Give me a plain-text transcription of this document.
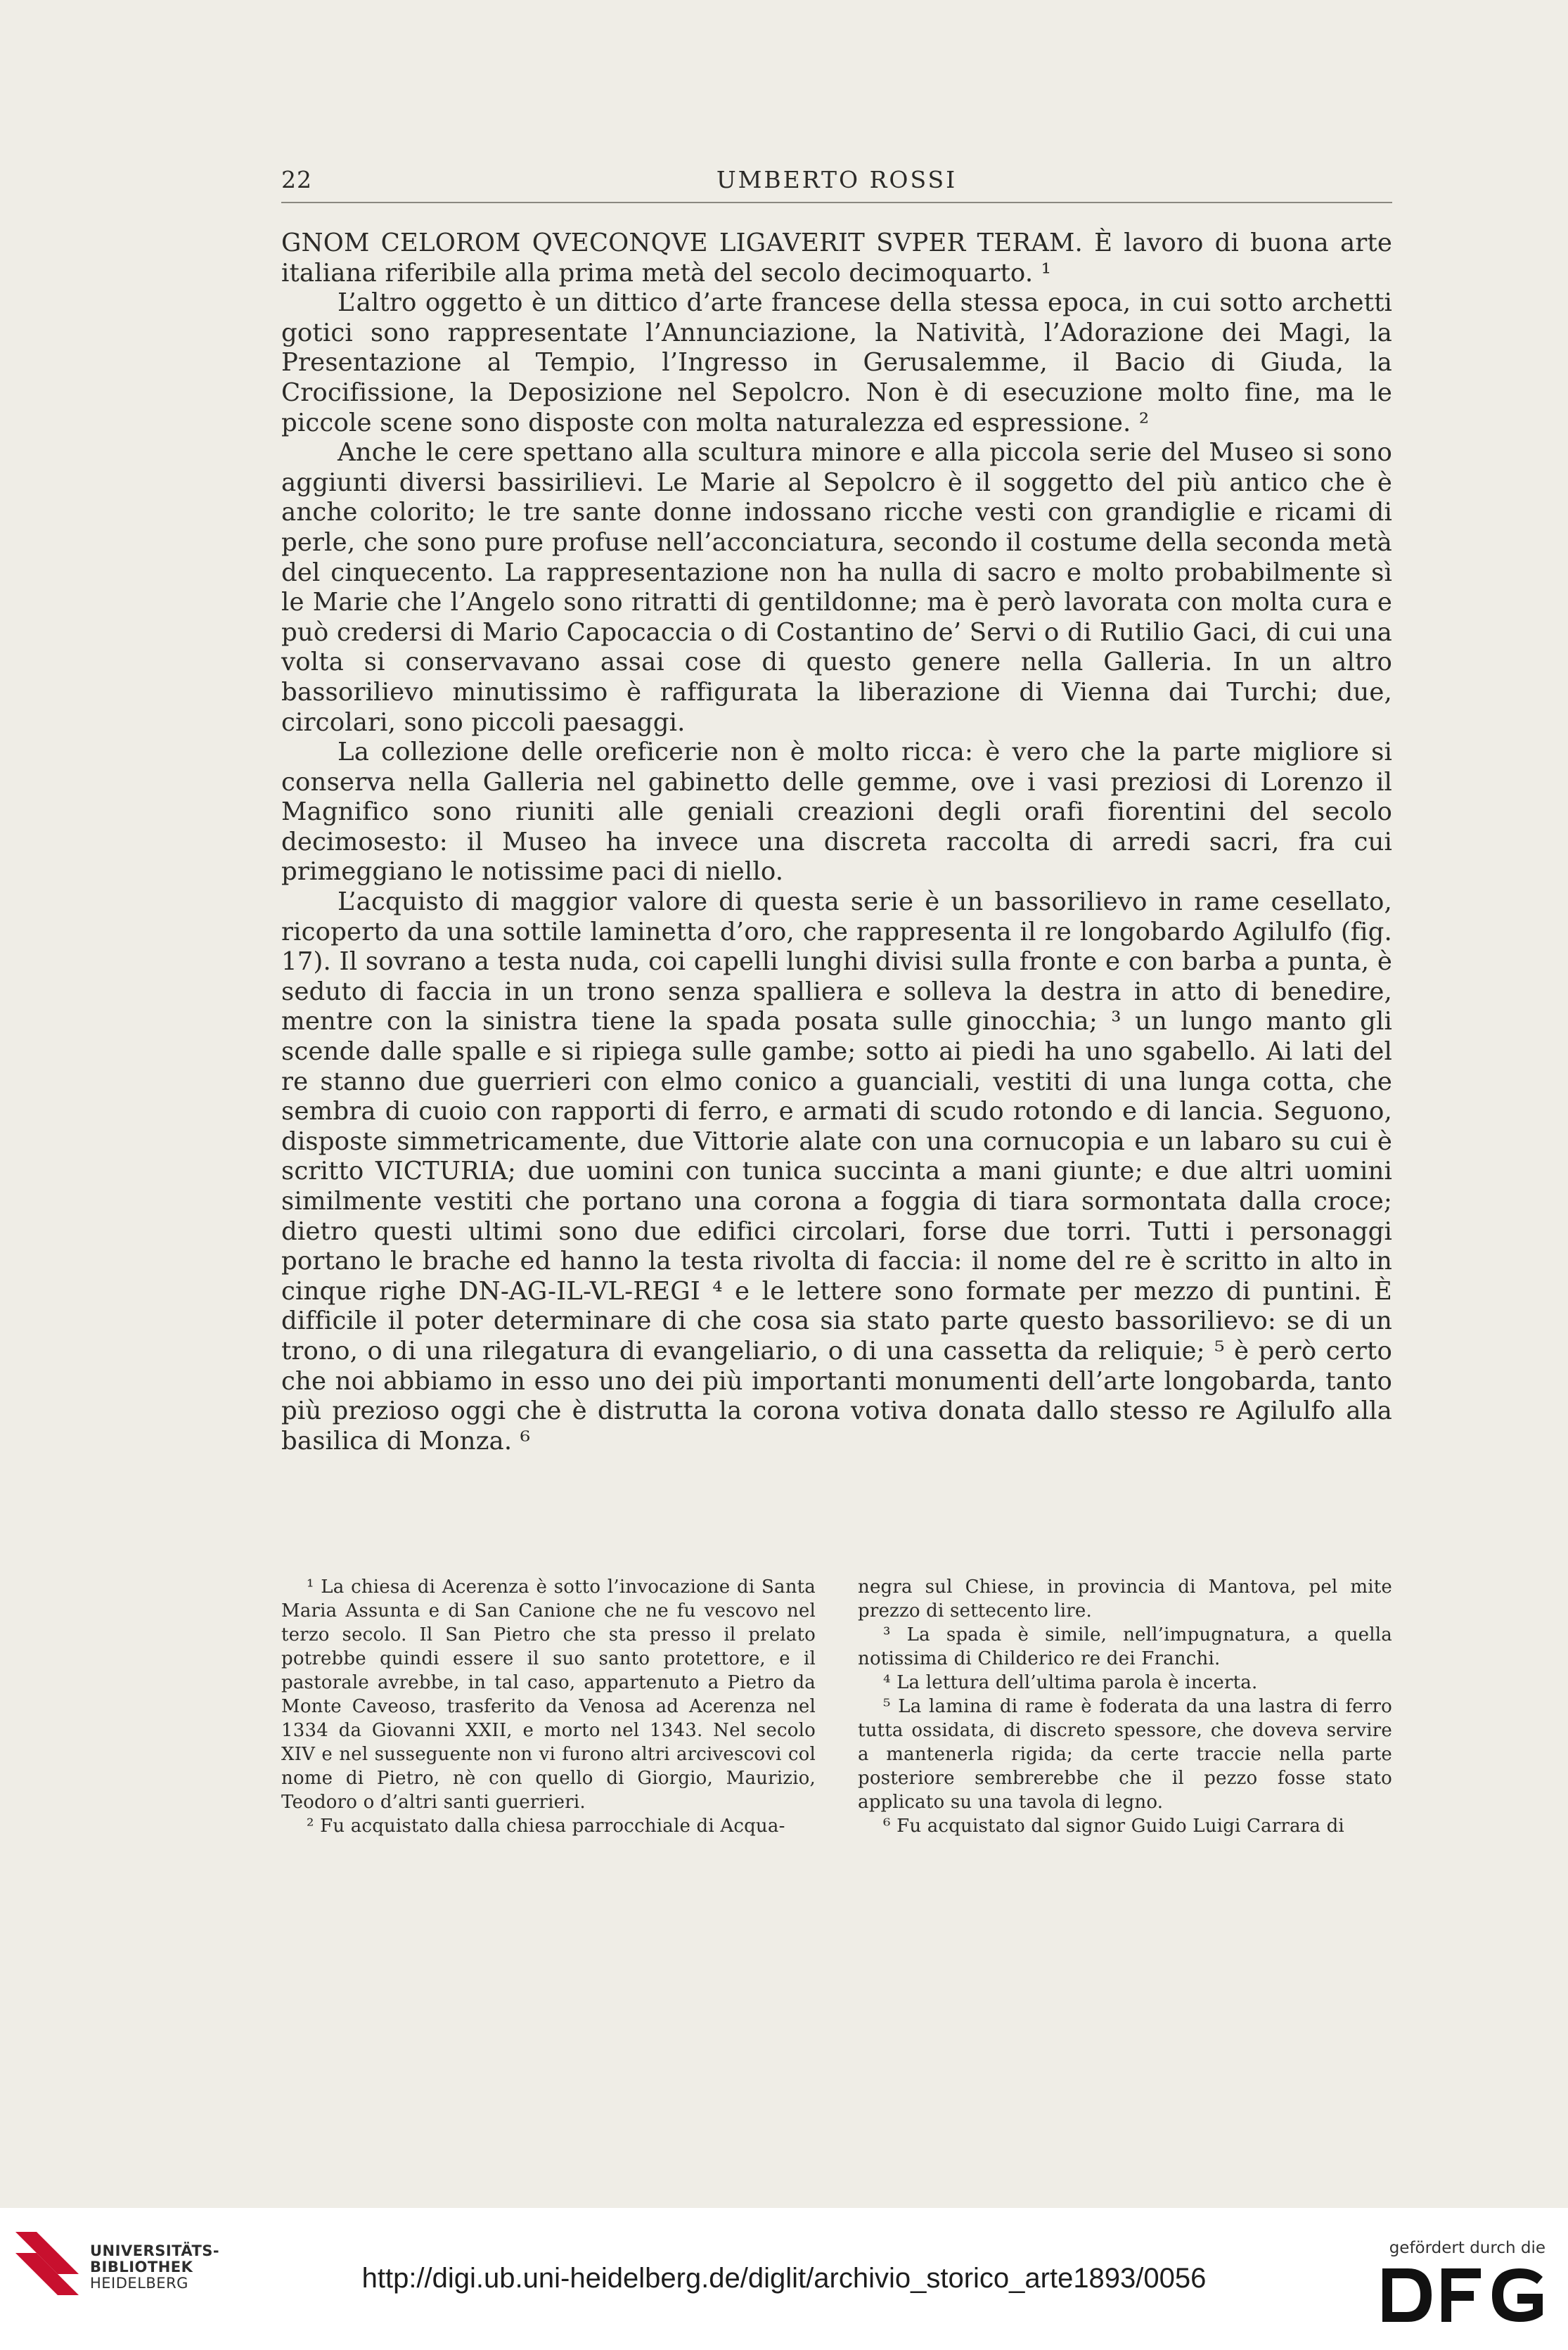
22	UMBERTO ROSSI

GNOM CELOROM QVECONQVE LIGAVERIT SVPER TERAM. È lavoro di buona arte italiana riferibile alla prima metà del secolo decimoquarto. ¹

L’altro oggetto è un dittico d’arte francese della stessa epoca, in cui sotto archetti gotici sono rappresentate l’Annunciazione, la Natività, l’Adorazione dei Magi, la Presentazione al Tempio, l’Ingresso in Gerusalemme, il Bacio di Giuda, la Crocifissione, la Deposizione nel Sepolcro. Non è di esecuzione molto fine, ma le piccole scene sono disposte con molta naturalezza ed espressione. ²

Anche le cere spettano alla scultura minore e alla piccola serie del Museo si sono aggiunti diversi bassirilievi. Le Marie al Sepolcro è il soggetto del più antico che è anche colorito; le tre sante donne indossano ricche vesti con grandiglie e ricami di perle, che sono pure profuse nell’acconciatura, secondo il costume della seconda metà del cinquecento. La rappresentazione non ha nulla di sacro e molto probabilmente sì le Marie che l’Angelo sono ritratti di gentildonne; ma è però lavorata con molta cura e può credersi di Mario Capocaccia o di Costantino de’ Servi o di Rutilio Gaci, di cui una volta si conservavano assai cose di questo genere nella Galleria. In un altro bassorilievo minutissimo è raffigurata la liberazione di Vienna dai Turchi; due, circolari, sono piccoli paesaggi.

La collezione delle oreficerie non è molto ricca: è vero che la parte migliore si conserva nella Galleria nel gabinetto delle gemme, ove i vasi preziosi di Lorenzo il Magnifico sono riuniti alle geniali creazioni degli orafi fiorentini del secolo decimosesto: il Museo ha invece una discreta raccolta di arredi sacri, fra cui primeggiano le notissime paci di niello.

L’acquisto di maggior valore di questa serie è un bassorilievo in rame cesellato, ricoperto da una sottile laminetta d’oro, che rappresenta il re longobardo Agilulfo (fig. 17). Il sovrano a testa nuda, coi capelli lunghi divisi sulla fronte e con barba a punta, è seduto di faccia in un trono senza spalliera e solleva la destra in atto di benedire, mentre con la sinistra tiene la spada posata sulle ginocchia; ³ un lungo manto gli scende dalle spalle e si ripiega sulle gambe; sotto ai piedi ha uno sgabello. Ai lati del re stanno due guerrieri con elmo conico a guanciali, vestiti di una lunga cotta, che sembra di cuoio con rapporti di ferro, e armati di scudo rotondo e di lancia. Seguono, disposte simmetricamente, due Vittorie alate con una cornucopia e un labaro su cui è scritto VICTURIA; due uomini con tunica succinta a mani giunte; e due altri uomini similmente vestiti che portano una corona a foggia di tiara sormontata dalla croce; dietro questi ultimi sono due edifici circolari, forse due torri. Tutti i personaggi portano le brache ed hanno la testa rivolta di faccia: il nome del re è scritto in alto in cinque righe DN-AG-IL-VL-REGI ⁴ e le lettere sono formate per mezzo di puntini. È difficile il poter determinare di che cosa sia stato parte questo bassorilievo: se di un trono, o di una rilegatura di evangeliario, o di una cassetta da reliquie; ⁵ è però certo che noi abbiamo in esso uno dei più importanti monumenti dell’arte longobarda, tanto più prezioso oggi che è distrutta la corona votiva donata dallo stesso re Agilulfo alla basilica di Monza. ⁶

¹ La chiesa di Acerenza è sotto l’invocazione di Santa Maria Assunta e di San Canione che ne fu vescovo nel terzo secolo. Il San Pietro che sta presso il prelato potrebbe quindi essere il suo santo protettore, e il pastorale avrebbe, in tal caso, appartenuto a Pietro da Monte Caveoso, trasferito da Venosa ad Acerenza nel 1334 da Giovanni XXII, e morto nel 1343. Nel secolo XIV e nel susseguente non vi furono altri arcivescovi col nome di Pietro, nè con quello di Giorgio, Maurizio, Teodoro o d’altri santi guerrieri.

² Fu acquistato dalla chiesa parrocchiale di Acqua-

negra sul Chiese, in provincia di Mantova, pel mite prezzo di settecento lire.

³ La spada è simile, nell’impugnatura, a quella notissima di Childerico re dei Franchi.

⁴ La lettura dell’ultima parola è incerta.

⁵ La lamina di rame è foderata da una lastra di ferro tutta ossidata, di discreto spessore, che doveva servire a mantenerla rigida; da certe traccie nella parte posteriore sembrerebbe che il pezzo fosse stato applicato su una tavola di legno.

⁶ Fu acquistato dal signor Guido Luigi Carrara di

UNIVERSITÄTS-
BIBLIOTHEK
HEIDELBERG	http://digi.ub.uni-heidelberg.de/diglit/archivio_storico_arte1893/0056
gefördert durch die
